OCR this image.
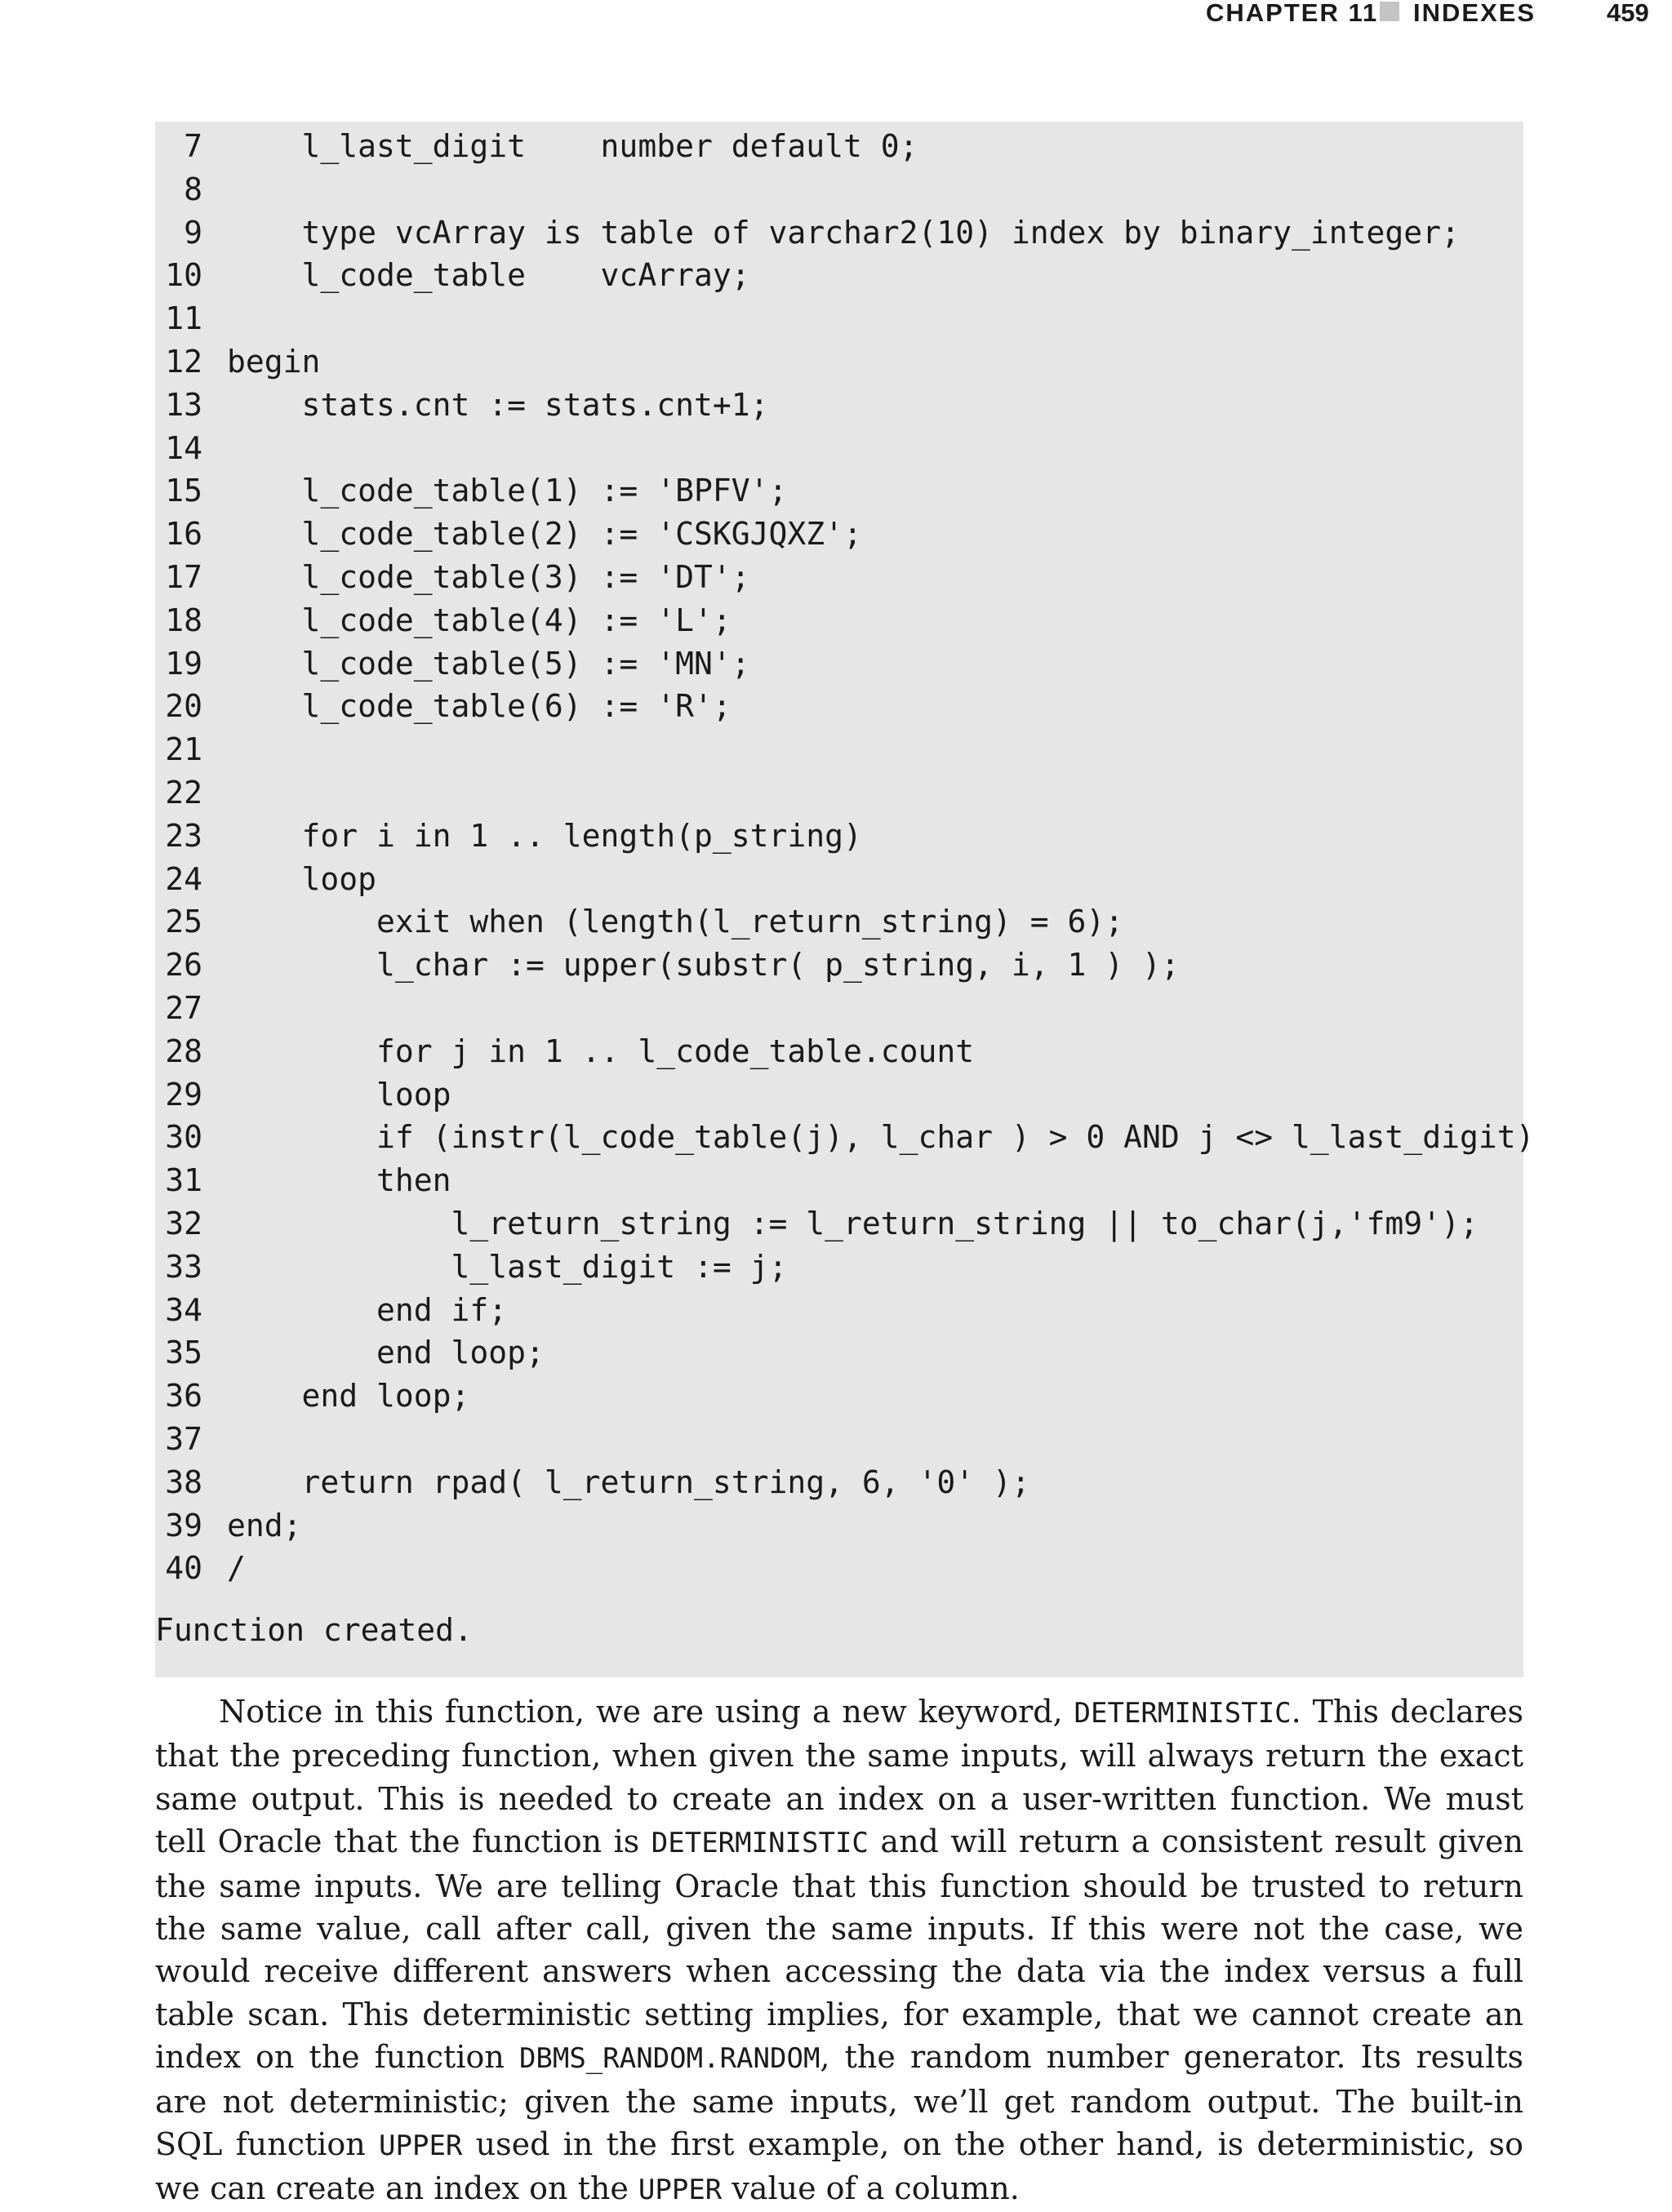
CHAPTER 11 INDEXES	459
7 l_last_digit    number default 0;
8
9 type vcArray is table of varchar2(10) index by binary_integer;
10 l_code_table    vcArray;
11
12 begin
13 stats.cnt := stats.cnt+1;
14
15 l_code_table(1) := 'BPFV';
16 l_code_table(2) := 'CSKGJQXZ';
17 l_code_table(3) := 'DT';
18 l_code_table(4) := 'L';
19 l_code_table(5) := 'MN';
20 l_code_table(6) := 'R';
21
22
23 for i in 1 .. length(p_string)
24 loop
25 exit when (length(l_return_string) = 6);
26 l_char := upper(substr( p_string, i, 1 ) );
27
28 for j in 1 .. l_code_table.count
29 loop
30 if (instr(l_code_table(j), l_char ) > 0 AND j <> l_last_digit)
31 then
32 l_return_string := l_return_string || to_char(j,'fm9');
33 l_last_digit := j;
34 end if;
35 end loop;
36 end loop;
37
38 return rpad( l_return_string, 6, '0' );
39 end;
40 /
Function created.

Notice in this function, we are using a new keyword, DETERMINISTIC. This declares that the preceding function, when given the same inputs, will always return the exact same output. This is needed to create an index on a user-written function. We must tell Oracle that the function is DETERMINISTIC and will return a consistent result given the same inputs. We are telling Oracle that this function should be trusted to return the same value, call after call, given the same inputs. If this were not the case, we would receive different answers when accessing the data via the index versus a full table scan. This deterministic setting implies, for example, that we cannot create an index on the function DBMS_RANDOM.RANDOM, the random number generator. Its results are not deterministic; given the same inputs, we’ll get random output. The built-in SQL function UPPER used in the first example, on the other hand, is deterministic, so we can create an index on the UPPER value of a column.
